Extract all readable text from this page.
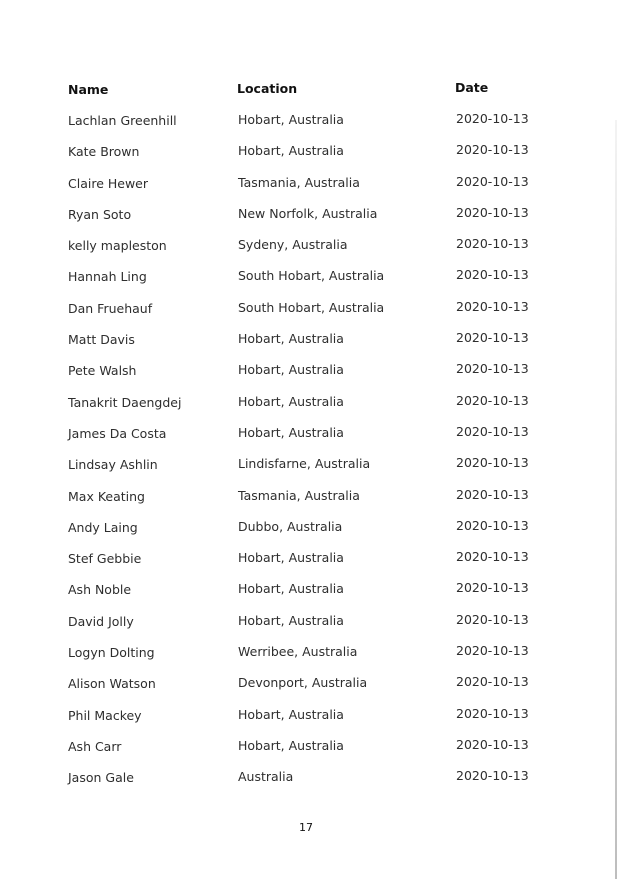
Name	Location	Date
Lachlan Greenhill	Hobart, Australia	2020-10-13
Kate Brown	Hobart, Australia	2020-10-13
Claire Hewer	Tasmania, Australia	2020-10-13
Ryan Soto	New Norfolk, Australia	2020-10-13
kelly mapleston	Sydeny, Australia	2020-10-13
Hannah Ling	South Hobart, Australia	2020-10-13
Dan Fruehauf	South Hobart, Australia	2020-10-13
Matt Davis	Hobart, Australia	2020-10-13
Pete Walsh	Hobart, Australia	2020-10-13
Tanakrit Daengdej	Hobart, Australia	2020-10-13
James Da Costa	Hobart, Australia	2020-10-13
Lindsay Ashlin	Lindisfarne, Australia	2020-10-13
Max Keating	Tasmania, Australia	2020-10-13
Andy Laing	Dubbo, Australia	2020-10-13
Stef Gebbie	Hobart, Australia	2020-10-13
Ash Noble	Hobart, Australia	2020-10-13
David Jolly	Hobart, Australia	2020-10-13
Logyn Dolting	Werribee, Australia	2020-10-13
Alison Watson	Devonport, Australia	2020-10-13
Phil Mackey	Hobart, Australia	2020-10-13
Ash Carr	Hobart, Australia	2020-10-13
Jason Gale	Australia	2020-10-13
17
